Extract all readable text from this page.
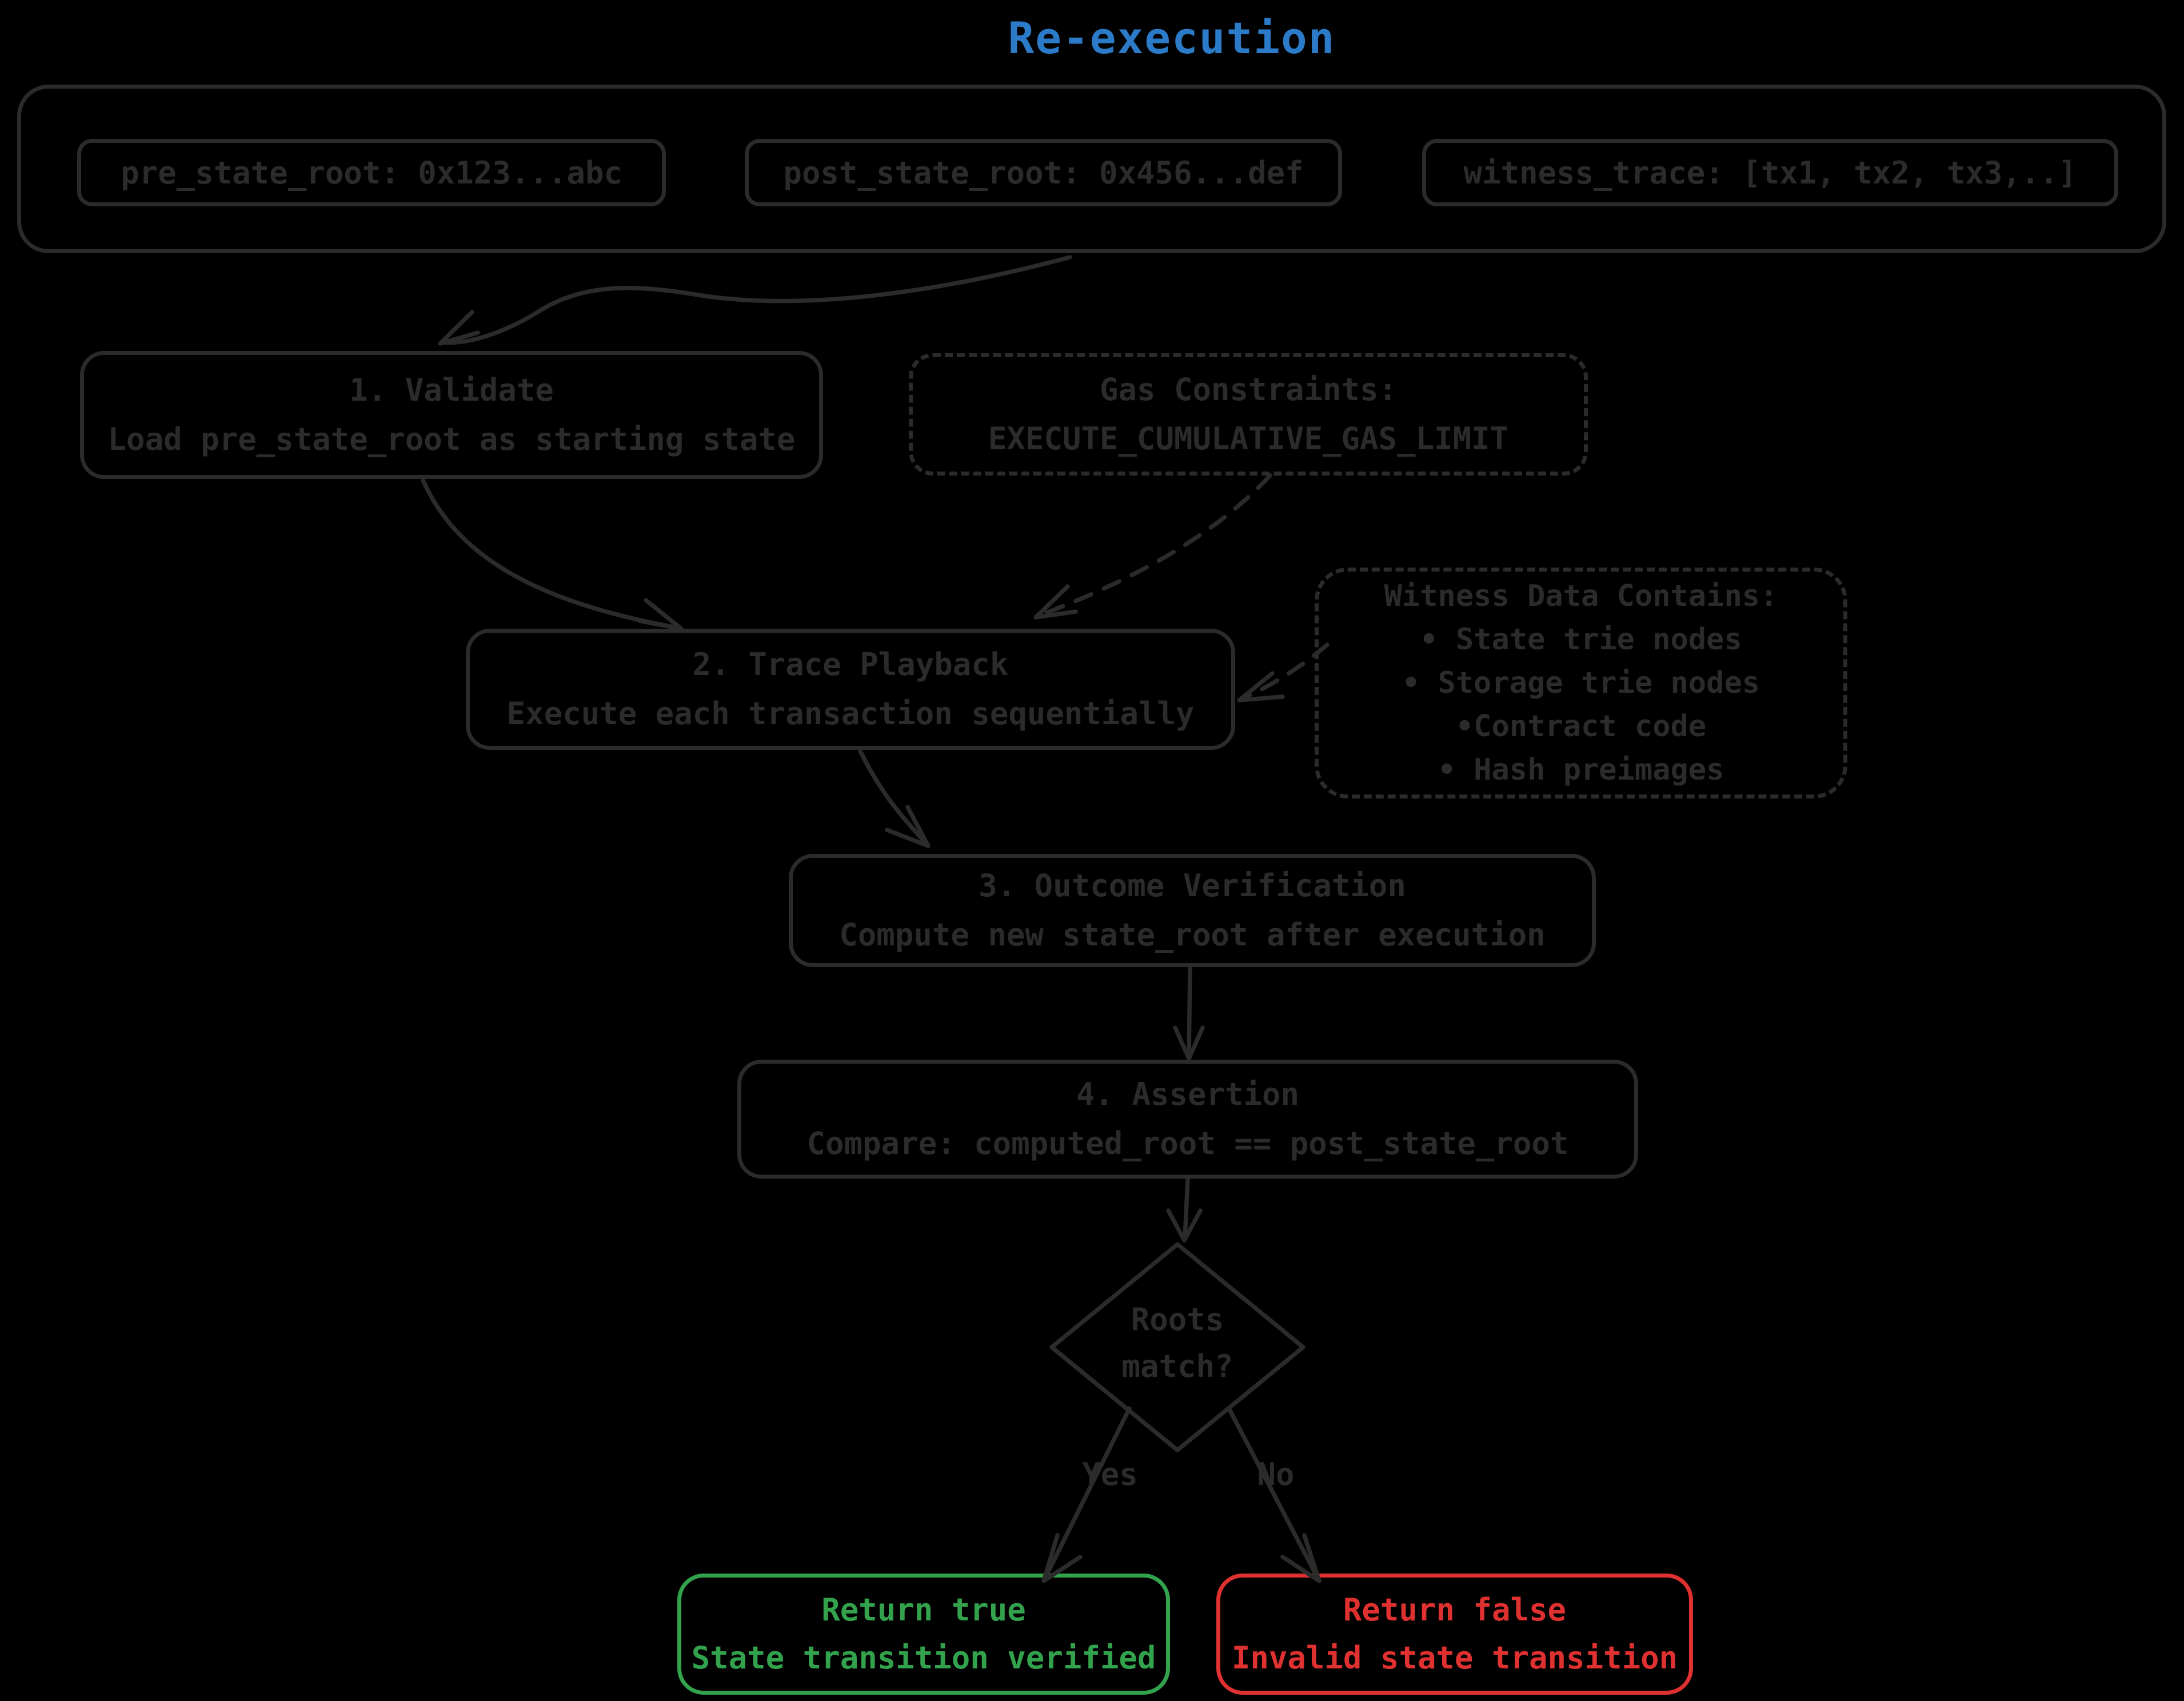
Re-execution
pre_state_root: 0x123...abc	post_state_root: 0x456...def	witness_trace: [tx1, tx2, tx3,..]
1. Validate
Load pre_state_root as starting state
Gas Constraints:
EXECUTE_CUMULATIVE_GAS_LIMIT
2. Trace Playback
Execute each transaction sequentially
Witness Data Contains:
• State trie nodes
• Storage trie nodes
•Contract code
• Hash preimages
3. Outcome Verification
Compute new state_root after execution
4. Assertion
Compare: computed_root == post_state_root
Roots
match?
Yes	No
Return true
State transition verified
Return false
Invalid state transition
